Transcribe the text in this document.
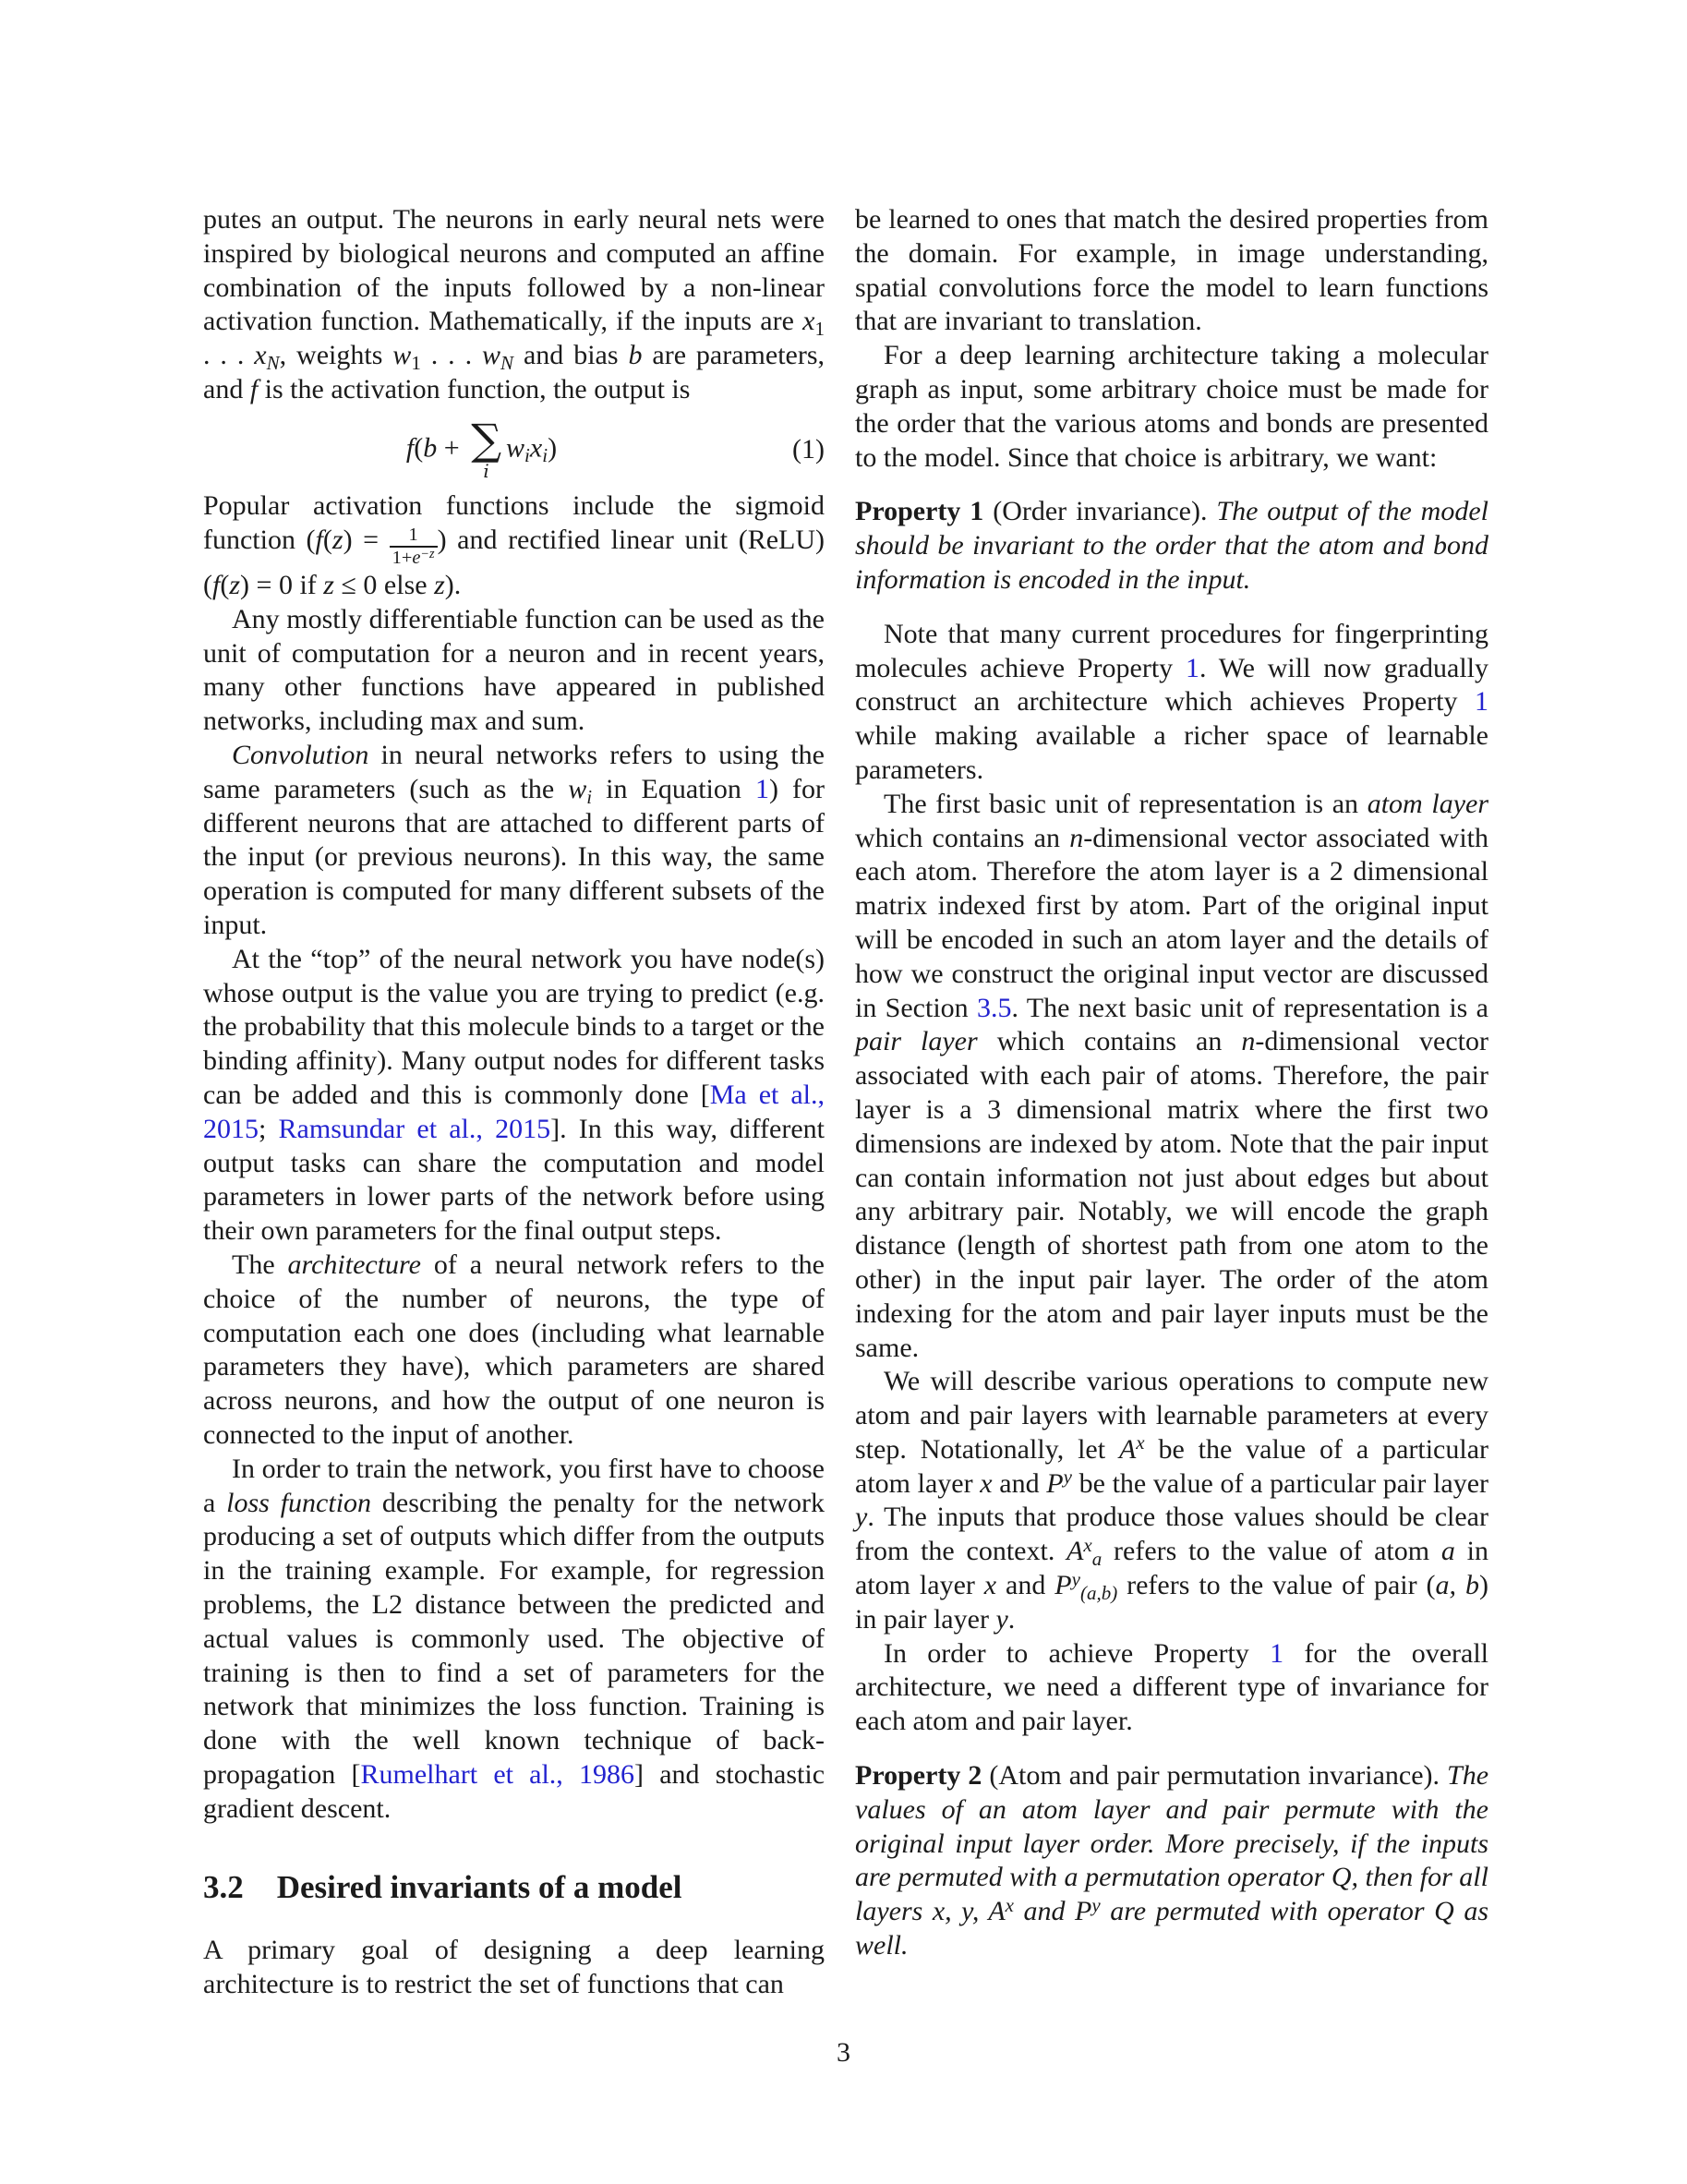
putes an output. The neurons in early neural nets were inspired by biological neurons and computed an affine combination of the inputs followed by a non-linear activation function. Mathematically, if the inputs are x1 . . . xN, weights w1 . . . wN and bias b are parameters, and f is the activation function, the output is

f(b + ∑
i
wixi)	(1)

Popular activation functions include the sigmoid function ($f(z) = \frac{1}{1+e^{-z}}$ ) and rectified linear unit (ReLU) (f(z) = 0 if z ≤ 0 else z).

Any mostly differentiable function can be used as the unit of computation for a neuron and in recent years, many other functions have appeared in published networks, including max and sum.

Convolution in neural networks refers to using the same parameters (such as the wi in Equation 1) for different neurons that are attached to different parts of the input (or previous neurons). In this way, the same operation is computed for many different subsets of the input.

At the “top” of the neural network you have node(s) whose output is the value you are trying to predict (e.g. the probability that this molecule binds to a target or the binding affinity). Many output nodes for different tasks can be added and this is commonly done [Ma et al., 2015; Ramsundar et al., 2015]. In this way, different output tasks can share the computation and model parameters in lower parts of the network before using their own parameters for the final output steps.

The architecture of a neural network refers to the choice of the number of neurons, the type of computation each one does (including what learnable parameters they have), which parameters are shared across neurons, and how the output of one neuron is connected to the input of another.

In order to train the network, you first have to choose a loss function describing the penalty for the network producing a set of outputs which differ from the outputs in the training example. For example, for regression problems, the L2 distance between the predicted and actual values is commonly used. The objective of training is then to find a set of parameters for the network that minimizes the loss function. Training is done with the well known technique of back-propagation [Rumelhart et al., 1986] and stochastic gradient descent.

3.2 Desired invariants of a model

A primary goal of designing a deep learning architecture is to restrict the set of functions that can

be learned to ones that match the desired properties from the domain. For example, in image understanding, spatial convolutions force the model to learn functions that are invariant to translation.

For a deep learning architecture taking a molecular graph as input, some arbitrary choice must be made for the order that the various atoms and bonds are presented to the model. Since that choice is arbitrary, we want:

Property 1 (Order invariance). The output of the model should be invariant to the order that the atom and bond information is encoded in the input.

Note that many current procedures for fingerprinting molecules achieve Property 1. We will now gradually construct an architecture which achieves Property 1 while making available a richer space of learnable parameters.

The first basic unit of representation is an atom layer which contains an n-dimensional vector associated with each atom. Therefore the atom layer is a 2 dimensional matrix indexed first by atom. Part of the original input will be encoded in such an atom layer and the details of how we construct the original input vector are discussed in Section 3.5. The next basic unit of representation is a pair layer which contains an n-dimensional vector associated with each pair of atoms. Therefore, the pair layer is a 3 dimensional matrix where the first two dimensions are indexed by atom. Note that the pair input can contain information not just about edges but about any arbitrary pair. Notably, we will encode the graph distance (length of shortest path from one atom to the other) in the input pair layer. The order of the atom indexing for the atom and pair layer inputs must be the same.

We will describe various operations to compute new atom and pair layers with learnable parameters at every step. Notationally, let $A^x$ be the value of a particular atom layer x and $P^y$ be the value of a particular pair layer y. The inputs that produce those values should be clear from the context. $A^xa$ refers to the value of atom a in atom layer x and $P^y(a,b)$ refers to the value of pair (a, b) in pair layer y.

In order to achieve Property 1 for the overall architecture, we need a different type of invariance for each atom and pair layer.

Property 2 (Atom and pair permutation invariance). The values of an atom layer and pair permute with the original input layer order. More precisely, if the inputs are permuted with a permutation operator Q, then for all layers x, y, $A^x$ and $P^y$ are permuted with operator Q as well.

3
